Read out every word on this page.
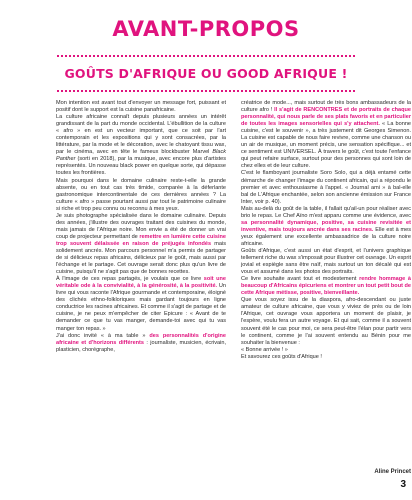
AVANT-PROPOS
GOÛTS D'AFRIQUE OU GOOD AFRIQUE !

Mon intention est avant tout d'envoyer un message fort, puissant et positif dont le support est la cuisine panafricaine.

La culture africaine connaît depuis plusieurs années un intérêt grandissant de la part du monde occidental. L'ébullition de la culture « afro » en est un vecteur important, que ce soit par l'art contemporain et les expositions qui y sont consacrées, par la littérature, par la mode et le décoration, avec le chatoyant tissu wax, par le cinéma, avec en tête le fameux blockbuster Marvel Black Panther (sorti en 2018), par la musique, avec encore plus d'artistes représentés. Un nouveau black power en quelque sorte, qui dépasse toutes les frontières.

Mais pourquoi dans le domaine culinaire reste-t-elle la grande absente, ou en tout cas très timide, comparée à la déferlante gastronomique intercontinentale de ces dernières années ? La culture « afro » passe pourtant aussi par tout le patrimoine culinaire si riche et trop peu connu ou reconnu à mes yeux.

Je suis photographe spécialisée dans le domaine culinaire. Depuis des années, j'illustre des ouvrages traitant des cuisines du monde, mais jamais de l'Afrique noire. Mon envie a été de donner un vrai coup de projecteur permettant de remettre en lumière cette cuisine trop souvent délaissée en raison de préjugés infondés mais solidement ancrés. Mon parcours personnel m'a permis de partager de si délicieux repas africains, délicieux par le goût, mais aussi par l'échange et le partage. Cet ouvrage serait donc plus qu'un livre de cuisine, puisqu'il ne s'agit pas que de bonnes recettes.

À l'image de ces repas partagés, je voulais que ce livre soit une véritable ode à la convivialité, à la générosité, à la positivité. Un livre qui vous raconte l'Afrique gourmande et contemporaine, éloigné des clichés ethno-folkloriques mais gardant toujours en ligne conductrice les racines africaines. Et comme il s'agit de partage et de cuisine, je ne peux m'empêcher de citer Epicure : « Avant de te demander ce que tu vas manger, demande-toi avec qui tu vas manger ton repas. »

J'ai donc invité « à ma table » des personnalités d'origine africaine et d'horizons différents : journaliste, musicien, écrivain, plasticien, chorégraphe,

créatrice de mode..., mais surtout de très bons ambassadeurs de la culture afro ! Il s'agit de RENCONTRES et de portraits de chaque personnalité, qui nous parle de ses plats favoris et en particulier de toutes les images sensorielles qui s'y attachent. « La bonne cuisine, c'est le souvenir », a très justement dit Georges Simenon. La cuisine est capable de nous faire revivre, comme une chanson ou un air de musique, un moment précis, une sensation spécifique... et ce sentiment est UNIVERSEL. À travers le goût, c'est toute l'enfance qui peut refaire surface, surtout pour des personnes qui sont loin de chez elles et de leur culture.

C'est le flamboyant journaliste Soro Solo, qui a déjà entamé cette démarche de changer l'image du continent africain, qui a répondu le premier et avec enthousiasme à l'appel. « Journal ami » à bal-elle bal de L'Afrique enchantée, selon son ancienne émission sur France Inter, voir p. 40).

Mais au-delà du goût de la table, il fallait qu'ail-un pour réaliser avec brio le repas. Le Chef Aïno m'est apparu comme une évidence, avec sa personnalité dynamique, positive, sa cuisine revisitée et inventive, mais toujours ancrée dans ses racines. Elle est à mes yeux également une excellente ambassadrice de la culture noire africaine.

Goûts d'Afrique, c'est aussi un état d'esprit, et l'univers graphique tellement riche du wax s'imposait pour illustrer cet ouvrage. Un esprit jovial et espiègle sans être naïf, mais surtout un ton décalé qui est vous et assumé dans les photos des portraits.

Ce livre souhaite avant tout et modestement rendre hommage à beaucoup d'Africains épicuriens et montrer un tout petit bout de cette Afrique métisse, positive, bienveillante.

Que vous soyez issu de la diaspora, afro-descendant ou juste amateur de culture africaine, que vous y viviez de près ou de loin l'Afrique, cet ouvrage vous apportera un moment de plaisir, je l'espère, voulu fera un autre voyage. Et qui sait, comme il a souvent souvent été le cas pour moi, ce sera peut-être l'élan pour partir vers le continent, comme je l'ai souvent entendu au Bénin pour me souhaiter la bienvenue :

« Bonne arrivée ! »

Et savourez ces goûts d'Afrique !

Aline Princet
3
